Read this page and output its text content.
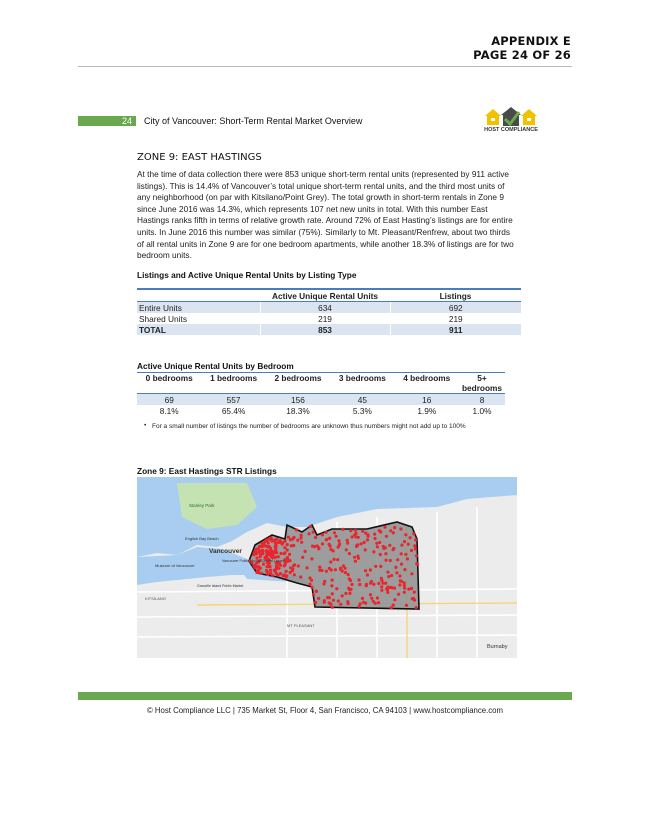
APPENDIX E
PAGE 24 OF 26
24	City of Vancouver: Short-Term Rental Market Overview
HOST COMPLIANCE
ZONE 9: EAST HASTINGS
At the time of data collection there were 853 unique short-term rental units (represented by 911 active listings). This is 14.4% of Vancouver’s total unique short-term rental units, and the third most units of any neighborhood (on par with Kitsilano/Point Grey). The total growth in short-term rentals in Zone 9 since June 2016 was 14.3%, which represents 107 net new units in total. With this number East Hastings ranks fifth in terms of relative growth rate. Around 72% of East Hasting’s listings are for entire units. In June 2016 this number was similar (75%). Similarly to Mt. Pleasant/Renfrew, about two thirds of all rental units in Zone 9 are for one bedroom apartments, while another 18.3% of listings are for two bedroom units.
Listings and Active Unique Rental Units by Listing Type
	Active Unique Rental Units	Listings
Entire Units	634	692
Shared Units	219	219
TOTAL	853	911
Active Unique Rental Units by Bedroom
0 bedrooms	1 bedrooms	2 bedrooms	3 bedrooms	4 bedrooms	5+ bedrooms
69	557	156	45	16	8
8.1%	65.4%	18.3%	5.3%	1.9%	1.0%
• For a small number of listings the number of bedrooms are unknown thus numbers might not add up to 100%
Zone 9: East Hastings STR Listings
Vancouver
Burnaby
English Bay Beach
Stanley Park
MT PLEASANT
Museum of Vancouver
Vancouver Public Library Central Library
KITSILANO
Granville Island Public Market
© Host Compliance LLC | 735 Market St, Floor 4, San Francisco, CA 94103 | www.hostcompliance.com
